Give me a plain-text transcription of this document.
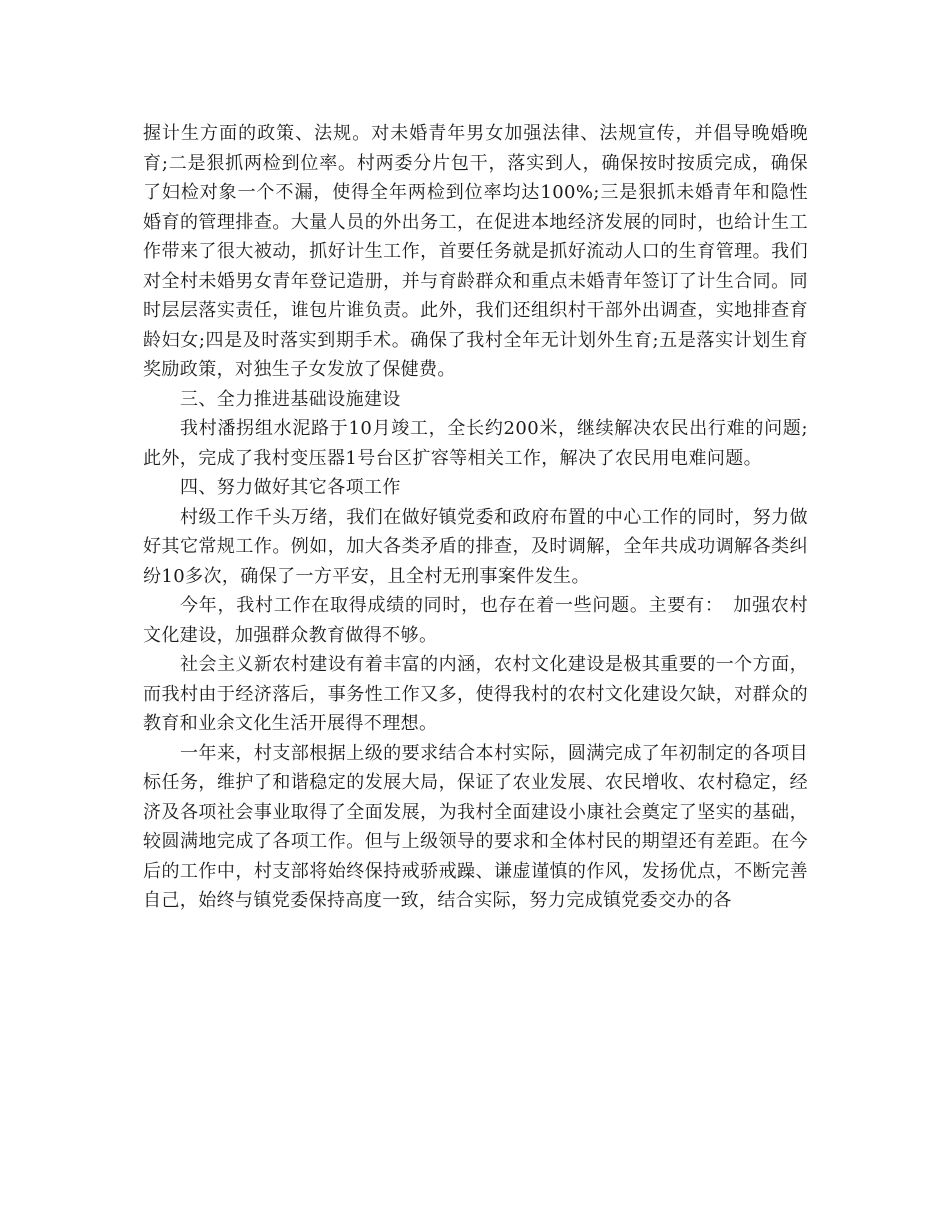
握计生方面的政策、法规。对未婚青年男女加强法律、法规宣传，并倡导晚婚晚育;二是狠抓两检到位率。村两委分片包干，落实到人，确保按时按质完成，确保了妇检对象一个不漏，使得全年两检到位率均达100%;三是狠抓未婚青年和隐性婚育的管理排查。大量人员的外出务工，在促进本地经济发展的同时，也给计生工作带来了很大被动，抓好计生工作，首要任务就是抓好流动人口的生育管理。我们对全村未婚男女青年登记造册，并与育龄群众和重点未婚青年签订了计生合同。同时层层落实责任，谁包片谁负责。此外，我们还组织村干部外出调查，实地排查育龄妇女;四是及时落实到期手术。确保了我村全年无计划外生育;五是落实计划生育奖励政策，对独生子女发放了保健费。

三、全力推进基础设施建设

我村潘拐组水泥路于10月竣工，全长约200米，继续解决农民出行难的问题;此外，完成了我村变压器1号台区扩容等相关工作，解决了农民用电难问题。

四、努力做好其它各项工作

村级工作千头万绪，我们在做好镇党委和政府布置的中心工作的同时，努力做好其它常规工作。例如，加大各类矛盾的排查，及时调解，全年共成功调解各类纠纷10多次，确保了一方平安，且全村无刑事案件发生。

今年，我村工作在取得成绩的同时，也存在着一些问题。主要有：　加强农村文化建设，加强群众教育做得不够。

社会主义新农村建设有着丰富的内涵，农村文化建设是极其重要的一个方面，而我村由于经济落后，事务性工作又多，使得我村的农村文化建设欠缺，对群众的教育和业余文化生活开展得不理想。

一年来，村支部根据上级的要求结合本村实际，圆满完成了年初制定的各项目标任务，维护了和谐稳定的发展大局，保证了农业发展、农民增收、农村稳定，经济及各项社会事业取得了全面发展，为我村全面建设小康社会奠定了坚实的基础，较圆满地完成了各项工作。但与上级领导的要求和全体村民的期望还有差距。在今后的工作中，村支部将始终保持戒骄戒躁、谦虚谨慎的作风，发扬优点，不断完善自己，始终与镇党委保持高度一致，结合实际，努力完成镇党委交办的各
